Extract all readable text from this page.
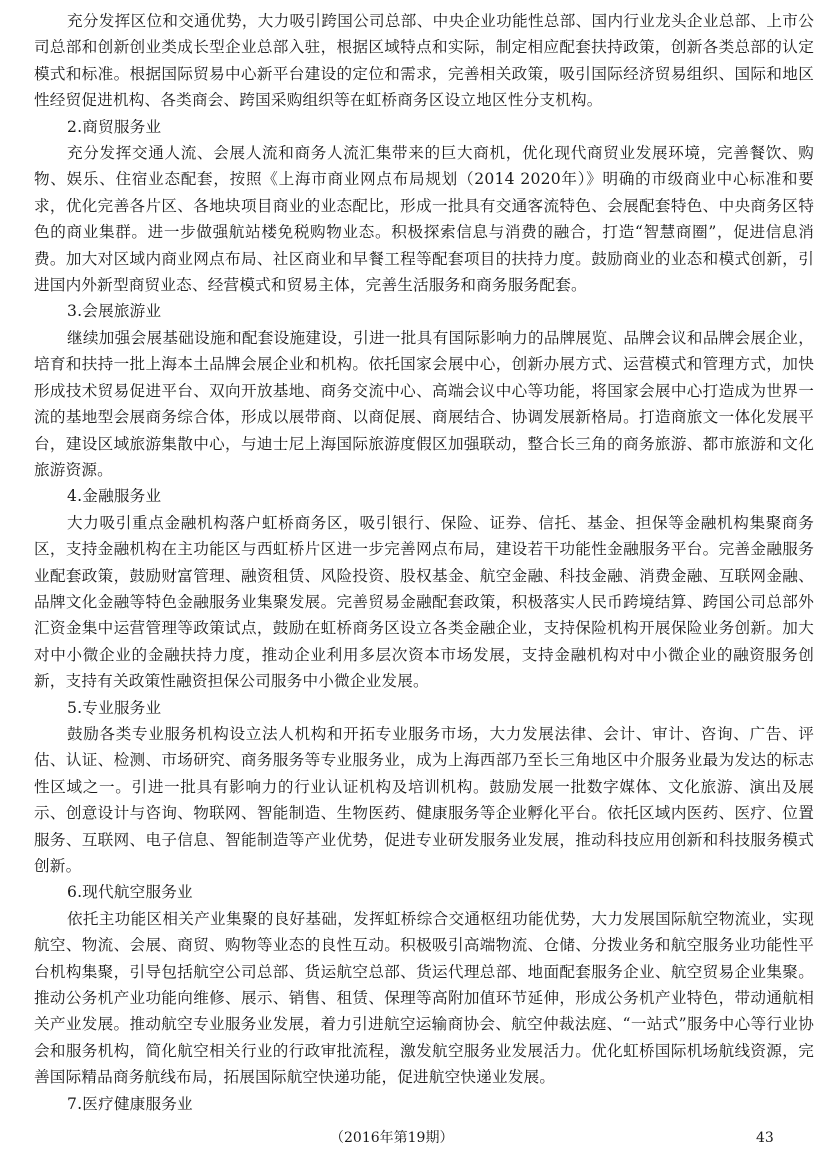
充分发挥区位和交通优势，大力吸引跨国公司总部、中央企业功能性总部、国内行业龙头企业总部、上市公司总部和创新创业类成长型企业总部入驻，根据区域特点和实际，制定相应配套扶持政策，创新各类总部的认定模式和标准。根据国际贸易中心新平台建设的定位和需求，完善相关政策，吸引国际经济贸易组织、国际和地区性经贸促进机构、各类商会、跨国采购组织等在虹桥商务区设立地区性分支机构。

2.商贸服务业

充分发挥交通人流、会展人流和商务人流汇集带来的巨大商机，优化现代商贸业发展环境，完善餐饮、购物、娱乐、住宿业态配套，按照《上海市商业网点布局规划（2014 2020年）》明确的市级商业中心标准和要求，优化完善各片区、各地块项目商业的业态配比，形成一批具有交通客流特色、会展配套特色、中央商务区特色的商业集群。进一步做强航站楼免税购物业态。积极探索信息与消费的融合，打造“智慧商圈”，促进信息消费。加大对区域内商业网点布局、社区商业和早餐工程等配套项目的扶持力度。鼓励商业的业态和模式创新，引进国内外新型商贸业态、经营模式和贸易主体，完善生活服务和商务服务配套。

3.会展旅游业

继续加强会展基础设施和配套设施建设，引进一批具有国际影响力的品牌展览、品牌会议和品牌会展企业，培育和扶持一批上海本土品牌会展企业和机构。依托国家会展中心，创新办展方式、运营模式和管理方式，加快形成技术贸易促进平台、双向开放基地、商务交流中心、高端会议中心等功能，将国家会展中心打造成为世界一流的基地型会展商务综合体，形成以展带商、以商促展、商展结合、协调发展新格局。打造商旅文一体化发展平台，建设区域旅游集散中心，与迪士尼上海国际旅游度假区加强联动，整合长三角的商务旅游、都市旅游和文化旅游资源。

4.金融服务业

大力吸引重点金融机构落户虹桥商务区，吸引银行、保险、证券、信托、基金、担保等金融机构集聚商务区，支持金融机构在主功能区与西虹桥片区进一步完善网点布局，建设若干功能性金融服务平台。完善金融服务业配套政策，鼓励财富管理、融资租赁、风险投资、股权基金、航空金融、科技金融、消费金融、互联网金融、品牌文化金融等特色金融服务业集聚发展。完善贸易金融配套政策，积极落实人民币跨境结算、跨国公司总部外汇资金集中运营管理等政策试点，鼓励在虹桥商务区设立各类金融企业，支持保险机构开展保险业务创新。加大对中小微企业的金融扶持力度，推动企业利用多层次资本市场发展，支持金融机构对中小微企业的融资服务创新，支持有关政策性融资担保公司服务中小微企业发展。

5.专业服务业

鼓励各类专业服务机构设立法人机构和开拓专业服务市场，大力发展法律、会计、审计、咨询、广告、评估、认证、检测、市场研究、商务服务等专业服务业，成为上海西部乃至长三角地区中介服务业最为发达的标志性区域之一。引进一批具有影响力的行业认证机构及培训机构。鼓励发展一批数字媒体、文化旅游、演出及展示、创意设计与咨询、物联网、智能制造、生物医药、健康服务等企业孵化平台。依托区域内医药、医疗、位置服务、互联网、电子信息、智能制造等产业优势，促进专业研发服务业发展，推动科技应用创新和科技服务模式创新。

6.现代航空服务业

依托主功能区相关产业集聚的良好基础，发挥虹桥综合交通枢纽功能优势，大力发展国际航空物流业，实现航空、物流、会展、商贸、购物等业态的良性互动。积极吸引高端物流、仓储、分拨业务和航空服务业功能性平台机构集聚，引导包括航空公司总部、货运航空总部、货运代理总部、地面配套服务企业、航空贸易企业集聚。推动公务机产业功能向维修、展示、销售、租赁、保理等高附加值环节延伸，形成公务机产业特色，带动通航相关产业发展。推动航空专业服务业发展，着力引进航空运输商协会、航空仲裁法庭、“一站式”服务中心等行业协会和服务机构，简化航空相关行业的行政审批流程，激发航空服务业发展活力。优化虹桥国际机场航线资源，完善国际精品商务航线布局，拓展国际航空快递功能，促进航空快递业发展。

7.医疗健康服务业

（2016年第19期）	43
